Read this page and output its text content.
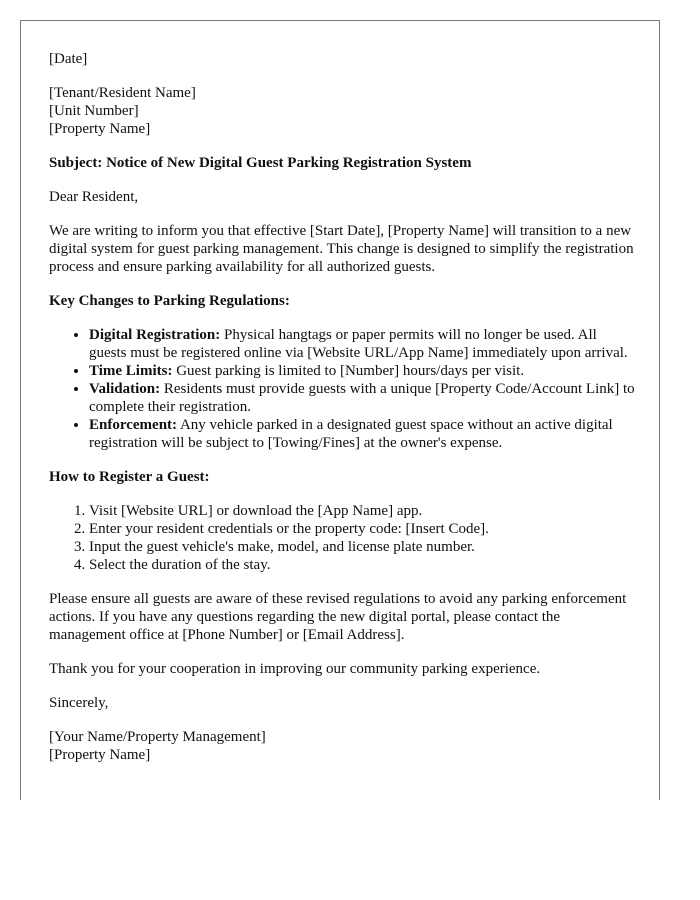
[Date]

[Tenant/Resident Name]
[Unit Number]
[Property Name]

Subject: Notice of New Digital Guest Parking Registration System

Dear Resident,

We are writing to inform you that effective [Start Date], [Property Name] will transition to a new digital system for guest parking management. This change is designed to simplify the registration process and ensure parking availability for all authorized guests.

Key Changes to Parking Regulations:

• Digital Registration: Physical hangtags or paper permits will no longer be used. All guests must be registered online via [Website URL/App Name] immediately upon arrival.
• Time Limits: Guest parking is limited to [Number] hours/days per visit.
• Validation: Residents must provide guests with a unique [Property Code/Account Link] to complete their registration.
• Enforcement: Any vehicle parked in a designated guest space without an active digital registration will be subject to [Towing/Fines] at the owner's expense.

How to Register a Guest:

1. Visit [Website URL] or download the [App Name] app.
2. Enter your resident credentials or the property code: [Insert Code].
3. Input the guest vehicle's make, model, and license plate number.
4. Select the duration of the stay.

Please ensure all guests are aware of these revised regulations to avoid any parking enforcement actions. If you have any questions regarding the new digital portal, please contact the management office at [Phone Number] or [Email Address].

Thank you for your cooperation in improving our community parking experience.

Sincerely,

[Your Name/Property Management]
[Property Name]
